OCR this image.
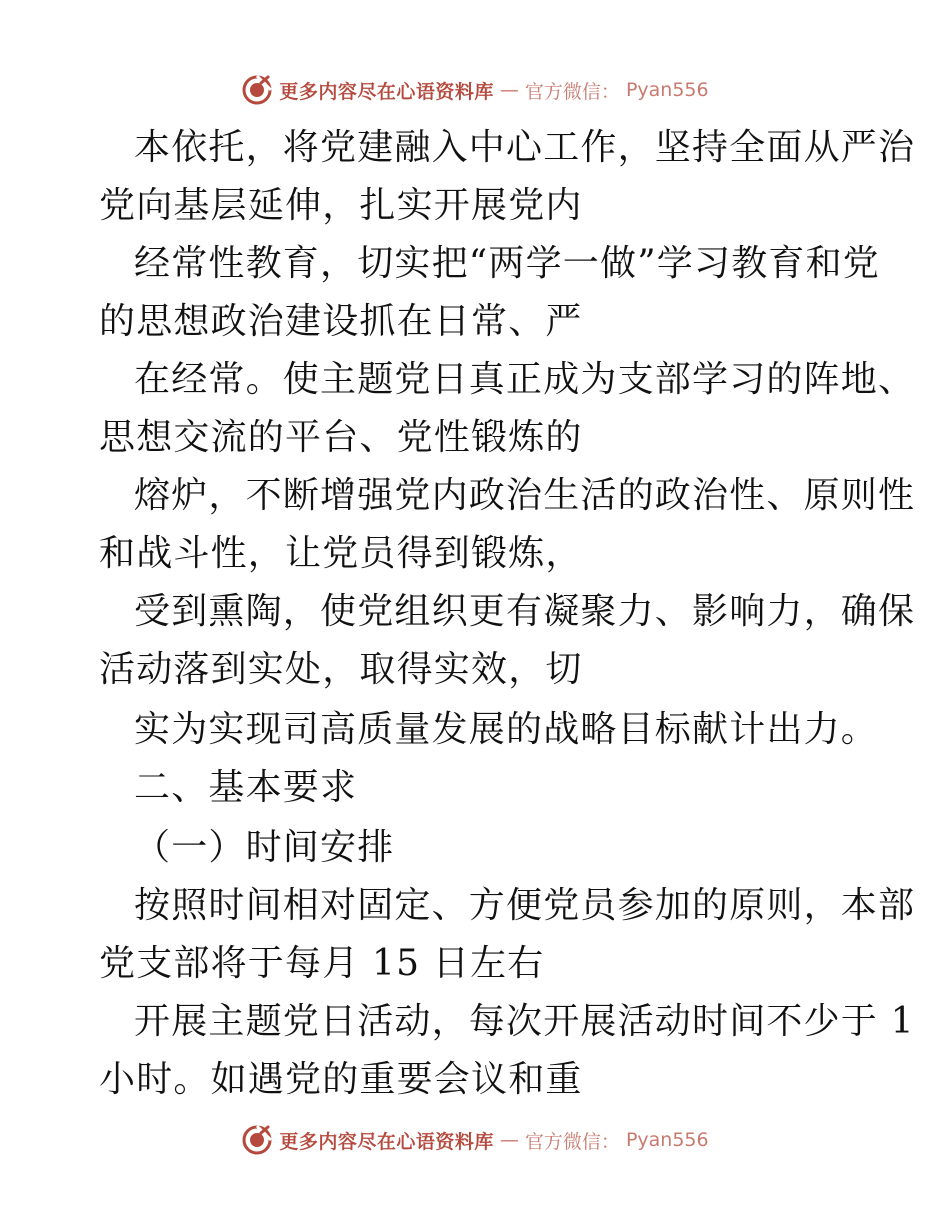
更多内容尽在心语资料库 — 官方微信： Pyan556
本依托，将党建融入中心工作，坚持全面从严治
党向基层延伸，扎实开展党内
经常性教育，切实把“两学一做”学习教育和党
的思想政治建设抓在日常、严
在经常。使主题党日真正成为支部学习的阵地、
思想交流的平台、党性锻炼的
熔炉，不断增强党内政治生活的政治性、原则性
和战斗性，让党员得到锻炼，
受到熏陶，使党组织更有凝聚力、影响力，确保
活动落到实处，取得实效，切
实为实现司高质量发展的战略目标献计出力。
二、基本要求
（一）时间安排
按照时间相对固定、方便党员参加的原则，本部
党支部将于每月 15 日左右
开展主题党日活动，每次开展活动时间不少于 1
小时。如遇党的重要会议和重
更多内容尽在心语资料库 — 官方微信： Pyan556
